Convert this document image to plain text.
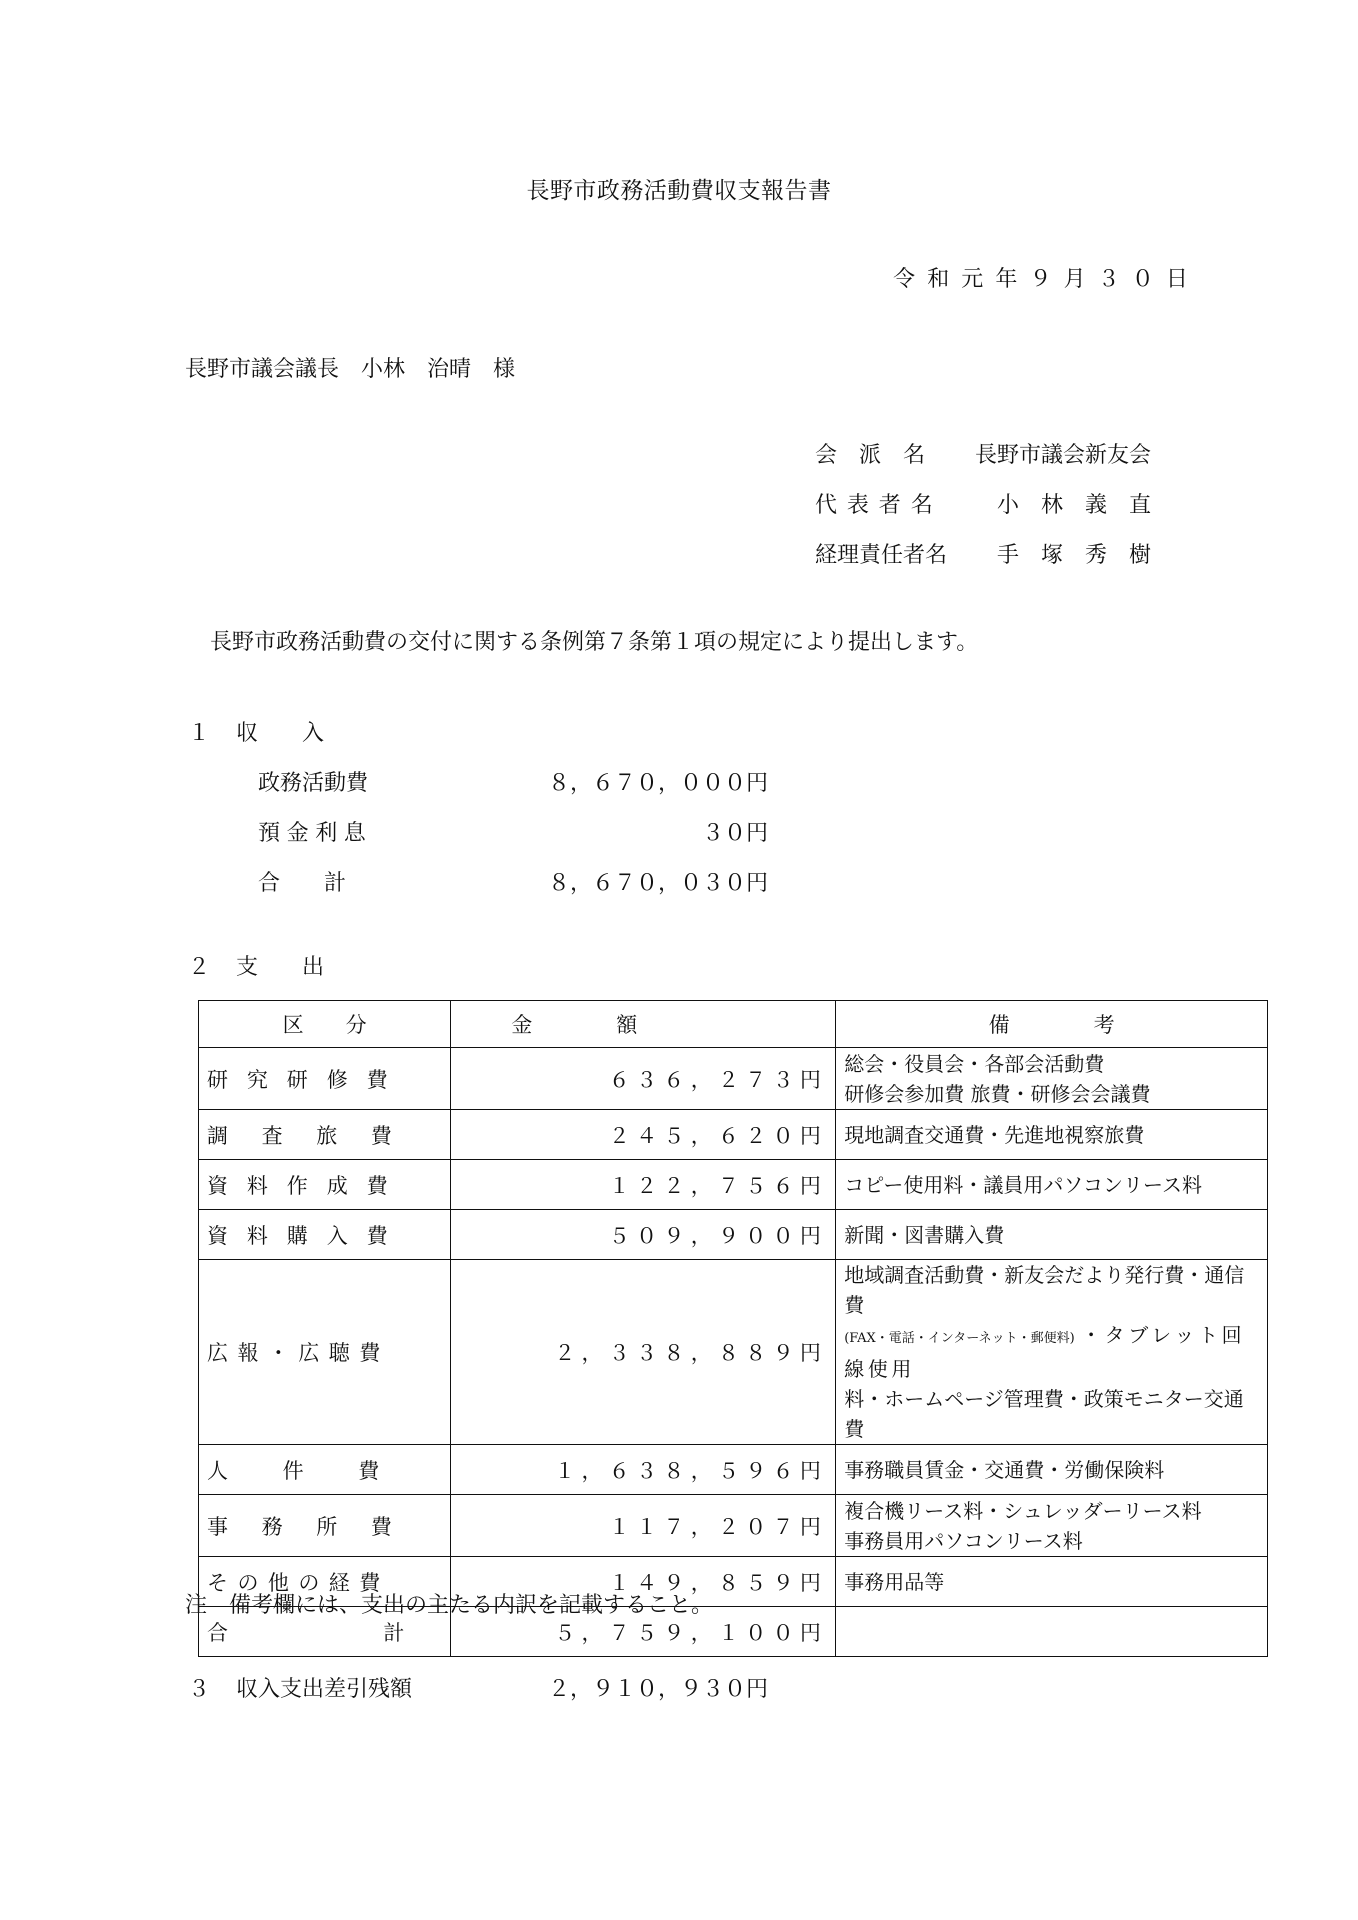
長野市政務活動費収支報告書
令和元年９月３０日
長野市議会議長　小林　治晴　様
会　派　名 長野市議会新友会
代表者名 小　林　義　直
経理責任者名 手　塚　秀　樹
長野市政務活動費の交付に関する条例第７条第１項の規定により提出します。
１ 収　　入
政務活動費	８，６７０，０００円
預金利息	３０円
合　　計	８，６７０，０３０円
２ 支　　出
区　　分	金　　　　額	備　　　　考
研究研修費	６３６，２７３円	総会・役員会・各部会活動費
研修会参加費 旅費・研修会会議費

調査旅費	２４５，６２０円	現地調査交通費・先進地視察旅費

資料作成費	１２２，７５６円	コピー使用料・議員用パソコンリース料

資料購入費	５０９，９００円	新聞・図書購入費

広報・広聴費	２，３３８，８８９円	地域調査活動費・新友会だより発行費・通信費
(FAX・電話・インターネット・郵便料) ・タブレット回線使用
料・ホームページ管理費・政策モニター交通費

人件費	１，６３８，５９６円	事務職員賃金・交通費・労働保険料

事務所費	１１７，２０７円	複合機リース料・シュレッダーリース料
事務員用パソコンリース料

その他の経費	１４９，８５９円	事務用品等

合　　計	５，７５９，１００円	
注　備考欄には、支出の主たる内訳を記載すること。
３ 収入支出差引残額	２，９１０，９３０円
